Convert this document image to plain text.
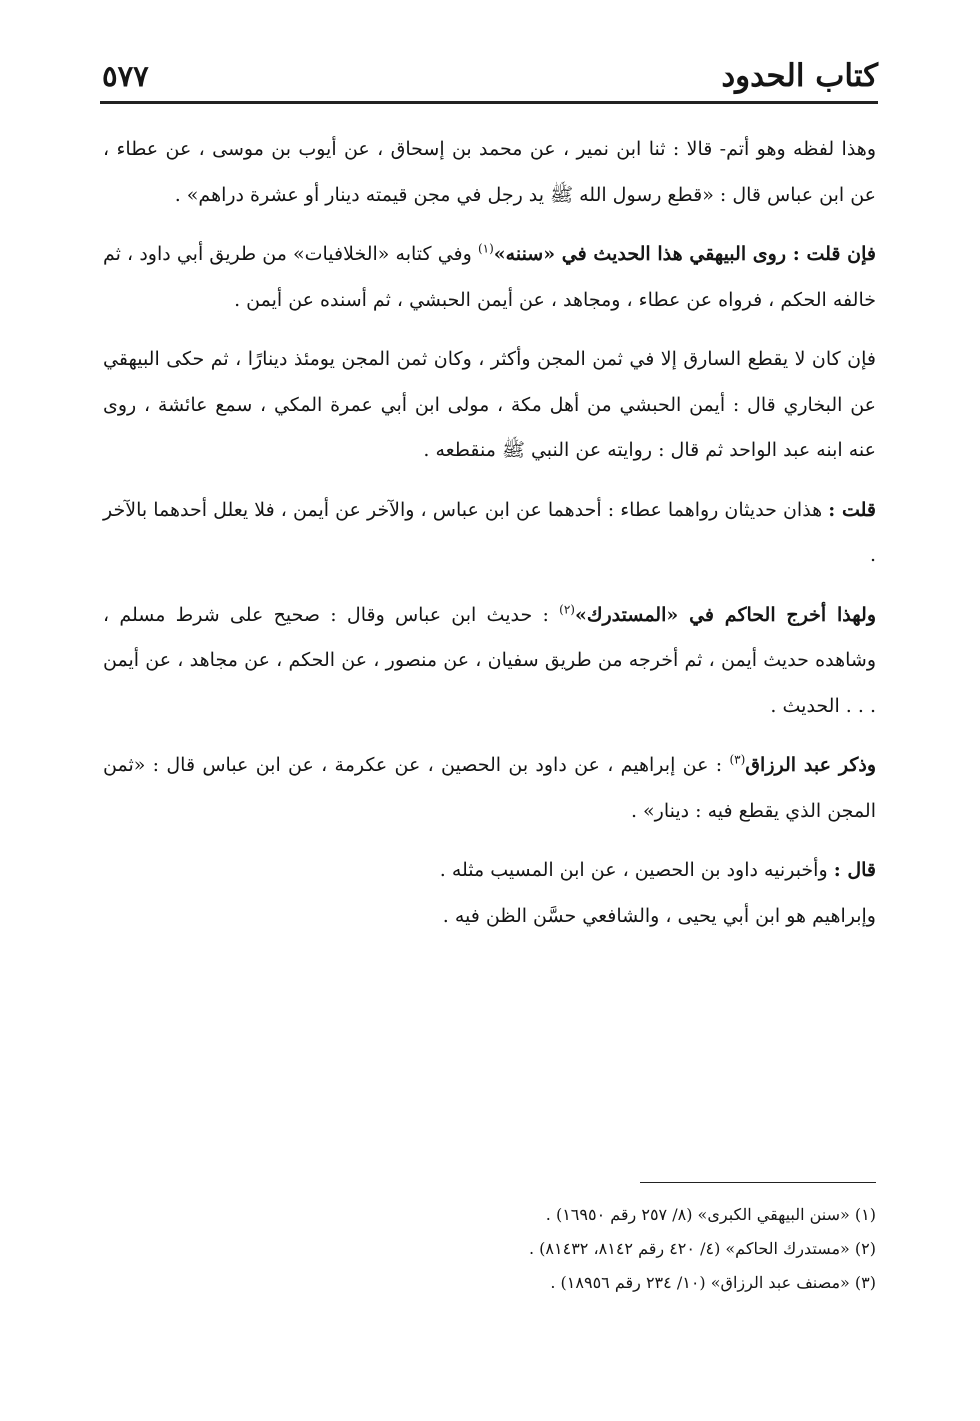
كتاب الحدود
٥٧٧

وهذا لفظه وهو أتم- قالا : ثنا ابن نمير ، عن محمد بن إسحاق ، عن أيوب بن موسى ، عن عطاء ، عن ابن عباس قال : «قطع رسول الله ﷺ يد رجل في مجن قيمته دينار أو عشرة دراهم» .

فإن قلت : روى البيهقي هذا الحديث في «سننه»$^{(١)}$ وفي كتابه «الخلافيات» من طريق أبي داود ، ثم خالفه الحكم ، فرواه عن عطاء ، ومجاهد ، عن أيمن الحبشي ، ثم أسنده عن أيمن .

فإن كان لا يقطع السارق إلا في ثمن المجن وأكثر ، وكان ثمن المجن يومئذ دينارًا ، ثم حكى البيهقي عن البخاري قال : أيمن الحبشي من أهل مكة ، مولى ابن أبي عمرة المكي ، سمع عائشة ، روى عنه ابنه عبد الواحد ثم قال : روايته عن النبي ﷺ منقطعه .

قلت : هذان حديثان رواهما عطاء : أحدهما عن ابن عباس ، والآخر عن أيمن ، فلا يعلل أحدهما بالآخر .

ولهذا أخرج الحاكم في «المستدرك»$^{(٢)}$ : حديث ابن عباس وقال : صحيح على شرط مسلم ، وشاهده حديث أيمن ، ثم أخرجه من طريق سفيان ، عن منصور ، عن الحكم ، عن مجاهد ، عن أيمن . . . الحديث .

وذكر عبد الرزاق$^{(٣)}$ : عن إبراهيم ، عن داود بن الحصين ، عن عكرمة ، عن ابن عباس قال : «ثمن المجن الذي يقطع فيه : دينار» .

قال : وأخبرنيه داود بن الحصين ، عن ابن المسيب مثله .

وإبراهيم هو ابن أبي يحيى ، والشافعي حسَّن الظن فيه .

(١) «سنن البيهقي الكبرى» (٨/ ٢٥٧ رقم ١٦٩٥٠) .
(٢) «مستدرك الحاكم» (٤/ ٤٢٠ رقم ٨١٤٢، ٨١٤٣٢) .
(٣) «مصنف عبد الرزاق» (١٠/ ٢٣٤ رقم ١٨٩٥٦) .
